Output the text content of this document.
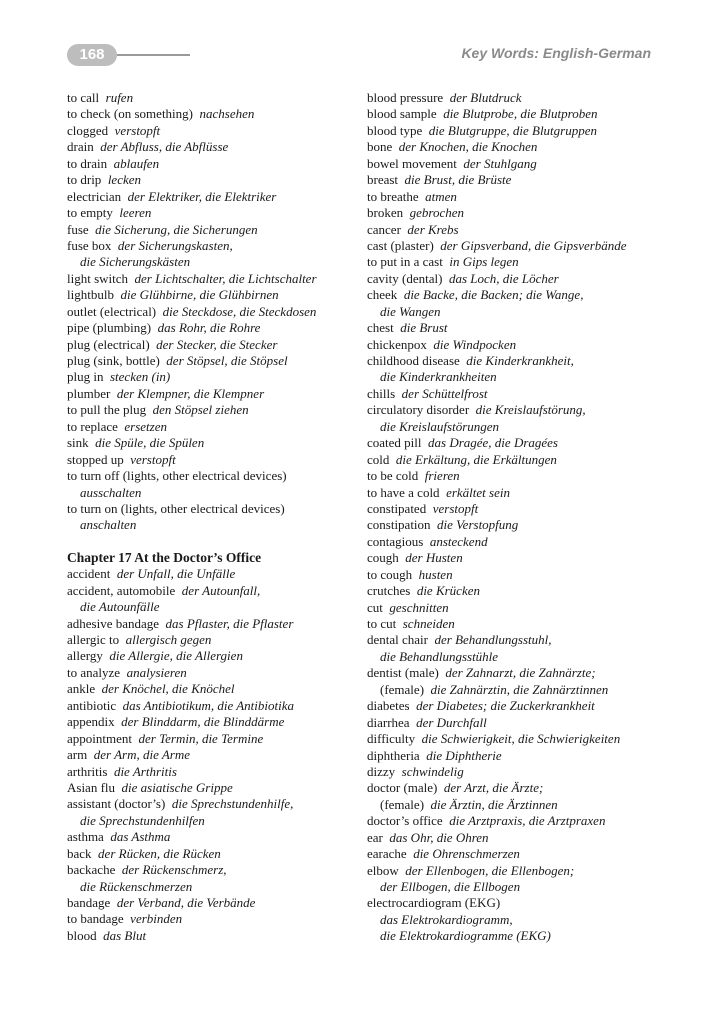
168	Key Words: English-German
to call rufen
to check (on something) nachsehen
clogged verstopft
drain der Abfluss, die Abflüsse
to drain ablaufen
to drip lecken
electrician der Elektriker, die Elektriker
to empty leeren
fuse die Sicherung, die Sicherungen
fuse box der Sicherungskasten,
die Sicherungskästen
light switch der Lichtschalter, die Lichtschalter
lightbulb die Glühbirne, die Glühbirnen
outlet (electrical) die Steckdose, die Steckdosen
pipe (plumbing) das Rohr, die Rohre
plug (electrical) der Stecker, die Stecker
plug (sink, bottle) der Stöpsel, die Stöpsel
plug in stecken (in)
plumber der Klempner, die Klempner
to pull the plug den Stöpsel ziehen
to replace ersetzen
sink die Spüle, die Spülen
stopped up verstopft
to turn off (lights, other electrical devices)
ausschalten
to turn on (lights, other electrical devices)
anschalten
Chapter 17 At the Doctor’s Office
accident der Unfall, die Unfälle
accident, automobile der Autounfall,
die Autounfälle
adhesive bandage das Pflaster, die Pflaster
allergic to allergisch gegen
allergy die Allergie, die Allergien
to analyze analysieren
ankle der Knöchel, die Knöchel
antibiotic das Antibiotikum, die Antibiotika
appendix der Blinddarm, die Blinddärme
appointment der Termin, die Termine
arm der Arm, die Arme
arthritis die Arthritis
Asian flu die asiatische Grippe
assistant (doctor’s) die Sprechstundenhilfe,
die Sprechstundenhilfen
asthma das Asthma
back der Rücken, die Rücken
backache der Rückenschmerz,
die Rückenschmerzen
bandage der Verband, die Verbände
to bandage verbinden
blood das Blut
blood pressure der Blutdruck
blood sample die Blutprobe, die Blutproben
blood type die Blutgruppe, die Blutgruppen
bone der Knochen, die Knochen
bowel movement der Stuhlgang
breast die Brust, die Brüste
to breathe atmen
broken gebrochen
cancer der Krebs
cast (plaster) der Gipsverband, die Gipsverbände
to put in a cast in Gips legen
cavity (dental) das Loch, die Löcher
cheek die Backe, die Backen; die Wange,
die Wangen
chest die Brust
chickenpox die Windpocken
childhood disease die Kinderkrankheit,
die Kinderkrankheiten
chills der Schüttelfrost
circulatory disorder die Kreislaufstörung,
die Kreislaufstörungen
coated pill das Dragée, die Dragées
cold die Erkältung, die Erkältungen
to be cold frieren
to have a cold erkältet sein
constipated verstopft
constipation die Verstopfung
contagious ansteckend
cough der Husten
to cough husten
crutches die Krücken
cut geschnitten
to cut schneiden
dental chair der Behandlungsstuhl,
die Behandlungsstühle
dentist (male) der Zahnarzt, die Zahnärzte;
(female) die Zahnärztin, die Zahnärztinnen
diabetes der Diabetes; die Zuckerkrankheit
diarrhea der Durchfall
difficulty die Schwierigkeit, die Schwierigkeiten
diphtheria die Diphtherie
dizzy schwindelig
doctor (male) der Arzt, die Ärzte;
(female) die Ärztin, die Ärztinnen
doctor’s office die Arztpraxis, die Arztpraxen
ear das Ohr, die Ohren
earache die Ohrenschmerzen
elbow der Ellenbogen, die Ellenbogen;
der Ellbogen, die Ellbogen
electrocardiogram (EKG)
das Elektrokardiogramm,
die Elektrokardiogramme (EKG)
